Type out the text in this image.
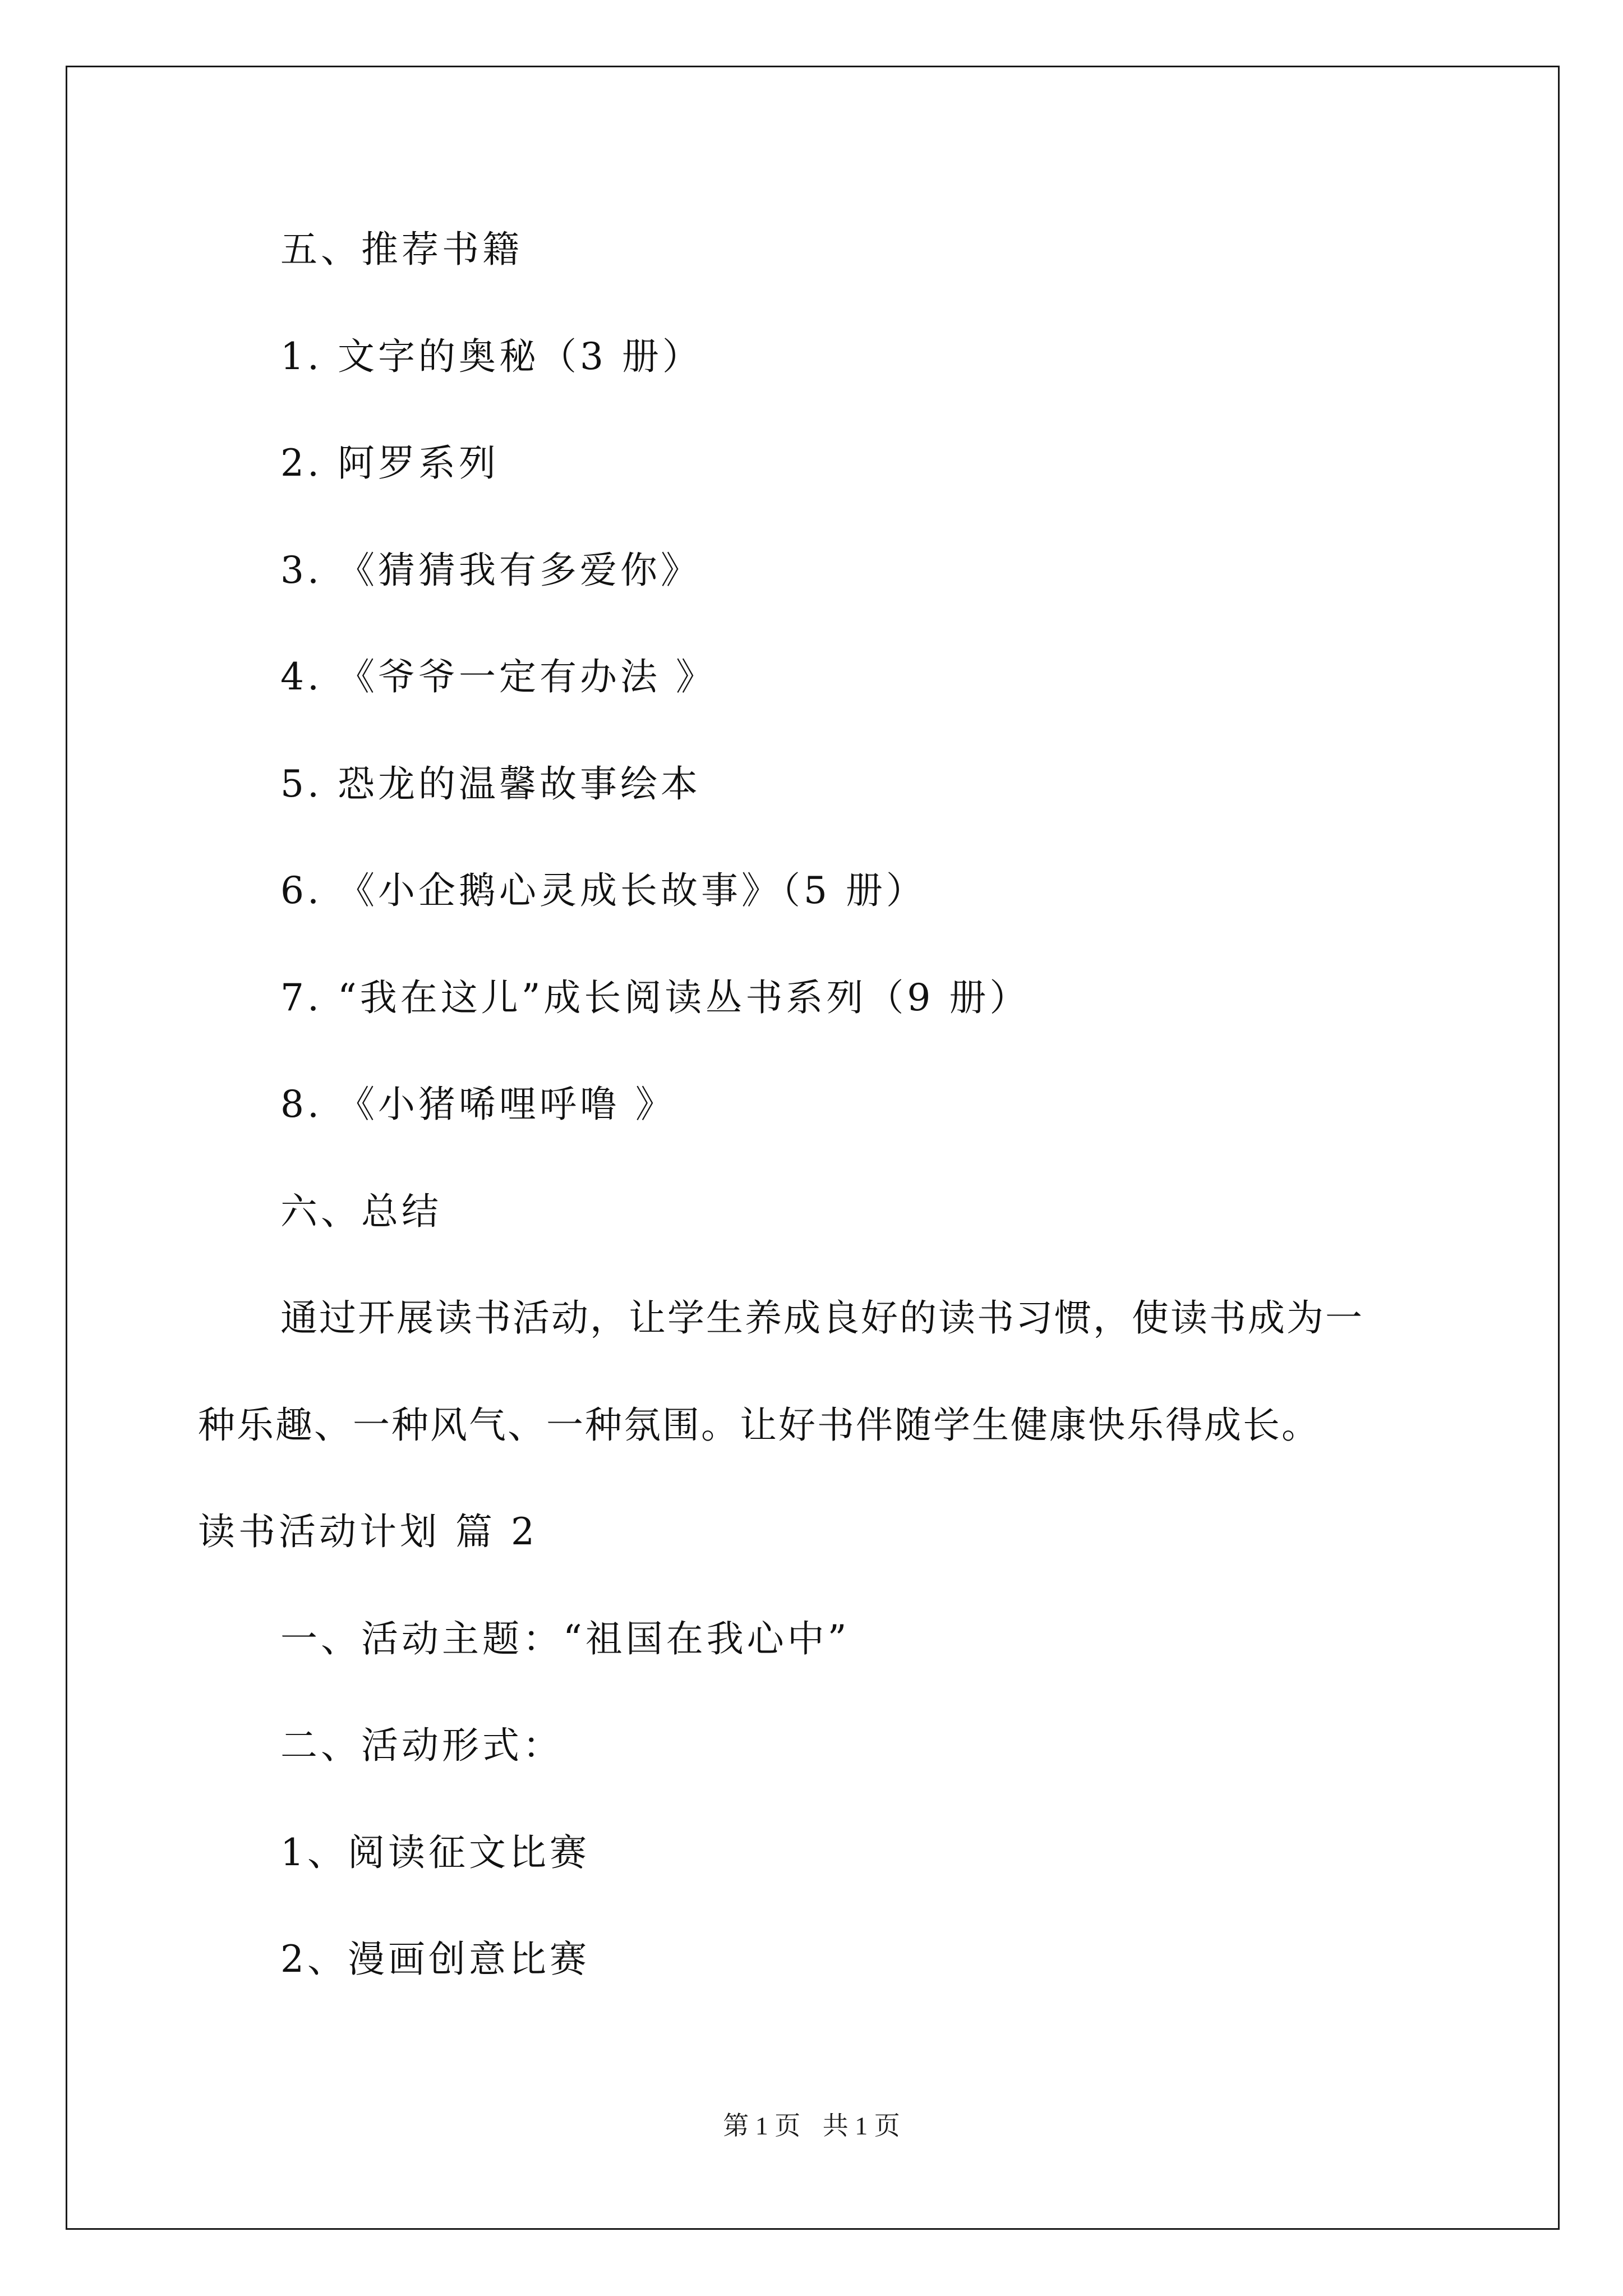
五、推荐书籍
1. 文字的奥秘（3 册）
2. 阿罗系列
3. 《猜猜我有多爱你》
4. 《爷爷一定有办法 》
5. 恐龙的温馨故事绘本
6. 《小企鹅心灵成长故事》（5 册）
7. “我在这儿”成长阅读丛书系列（9 册）
8. 《小猪唏哩呼噜 》
六、总结
通过开展读书活动，让学生养成良好的读书习惯，使读书成为一
种乐趣、一种风气、一种氛围。让好书伴随学生健康快乐得成长。
读书活动计划 篇 2
一、活动主题：“祖国在我心中”
二、活动形式：
1、阅读征文比赛
2、漫画创意比赛
第 1 页 共 1 页
